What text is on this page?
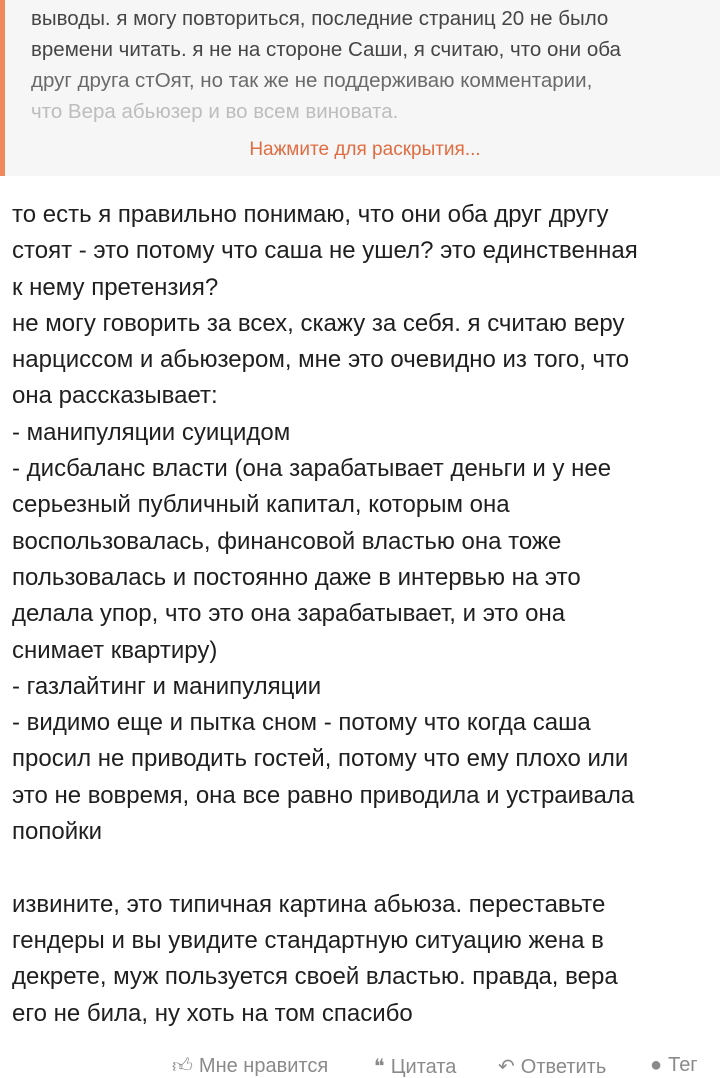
выводы. я могу повториться, последние страниц 20 не было
времени читать. я не на стороне Саши, я считаю, что они оба
друг друга стОят, но так же не поддерживаю комментарии,
что Вера абьюзер и во всем виновата.
Нажмите для раскрытия...
то есть я правильно понимаю, что они оба друг другу
стоят - это потому что саша не ушел? это единственная
к нему претензия?
не могу говорить за всех, скажу за себя. я считаю веру
нарциссом и абьюзером, мне это очевидно из того, что
она рассказывает:
- манипуляции суицидом
- дисбаланс власти (она зарабатывает деньги и у нее
серьезный публичный капитал, которым она
воспользовалась, финансовой властью она тоже
пользовалась и постоянно даже в интервью на это
делала упор, что это она зарабатывает, и это она
снимает квартиру)
- газлайтинг и манипуляции
- видимо еще и пытка сном - потому что когда саша
просил не приводить гостей, потому что ему плохо или
это не вовремя, она все равно приводила и устраивала
попойки
извините, это типичная картина абьюза. переставьте
гендеры и вы увидите стандартную ситуацию жена в
декрете, муж пользуется своей властью. правда, вера
его не била, ну хоть на том спасибо
👍︎ Мне нравится ❝ Цитата ↶ Ответить ● Тег
